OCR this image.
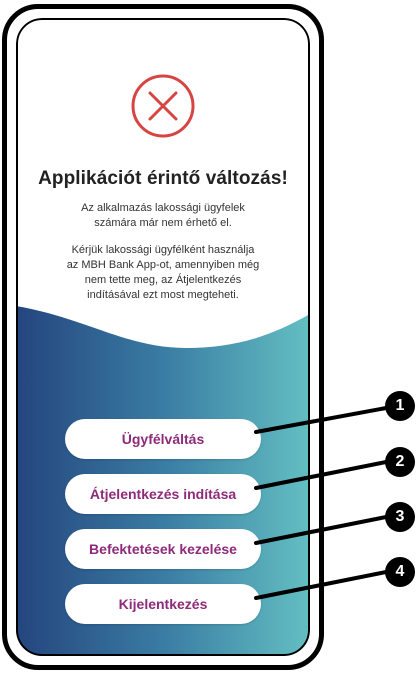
Applikációt érintő változás!
Az alkalmazás lakossági ügyfelek
számára már nem érhető el.
Kérjük lakossági ügyfélként használja
az MBH Bank App-ot, amennyiben még
nem tette meg, az Átjelentkezés
indításával ezt most megteheti.
Ügyfélváltás
Átjelentkezés indítása
Befektetések kezelése
Kijelentkezés
1
2
3
4
